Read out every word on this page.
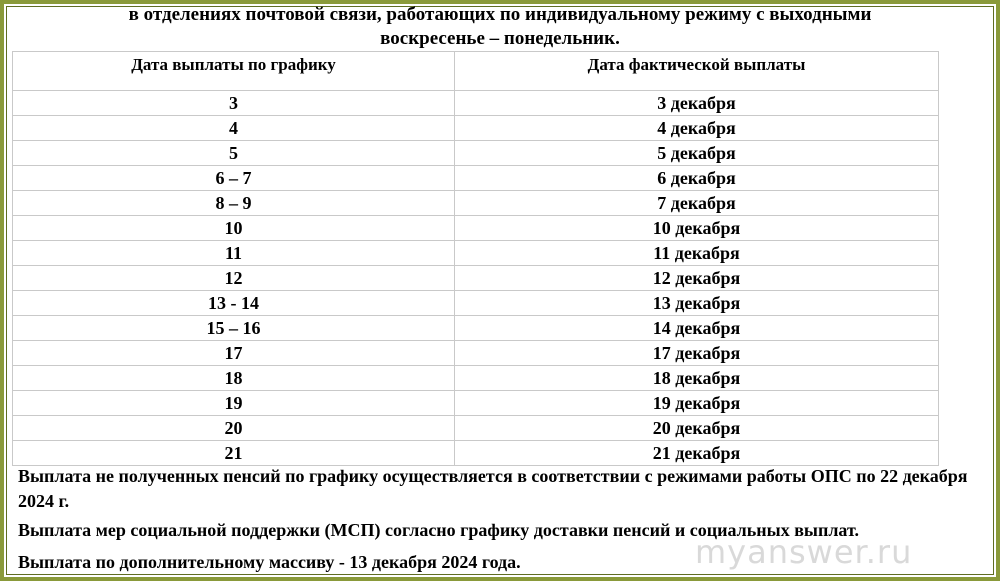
в отделениях почтовой связи, работающих по индивидуальному режиму с выходными
воскресенье – понедельник.
Дата выплаты по графику	Дата фактической выплаты
3	3 декабря
4	4 декабря
5	5 декабря
6 – 7	6 декабря
8 – 9	7 декабря
10	10 декабря
11	11 декабря
12	12 декабря
13 - 14	13 декабря
15 – 16	14 декабря
17	17 декабря
18	18 декабря
19	19 декабря
20	20 декабря
21	21 декабря
Выплата не полученных пенсий по графику осуществляется в соответствии с режимами работы ОПС по 22 декабря 2024 г.
Выплата мер социальной поддержки (МСП) согласно графику доставки пенсий и социальных выплат.
Выплата по дополнительному массиву - 13 декабря 2024 года.	myanswer.ru
